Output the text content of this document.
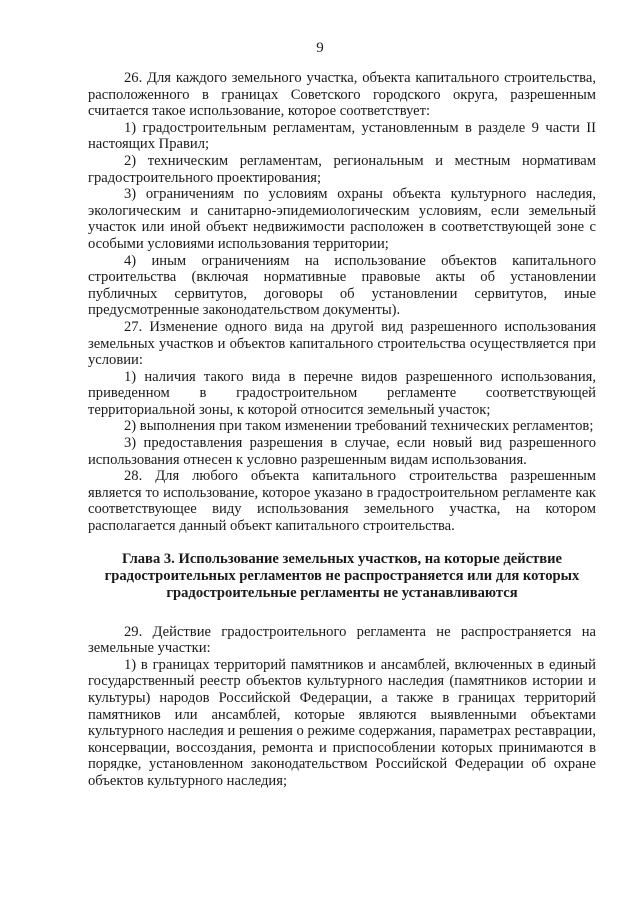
9

26. Для каждого земельного участка, объекта капитального строительства, расположенного в границах Советского городского округа, разрешенным считается такое использование, которое соответствует:

1) градостроительным регламентам, установленным в разделе 9 части II настоящих Правил;

2) техническим регламентам, региональным и местным нормативам градостроительного проектирования;

3) ограничениям по условиям охраны объекта культурного наследия, экологическим и санитарно-эпидемиологическим условиям, если земельный участок или иной объект недвижимости расположен в соответствующей зоне с особыми условиями использования территории;

4) иным ограничениям на использование объектов капитального строительства (включая нормативные правовые акты об установлении публичных сервитутов, договоры об установлении сервитутов, иные предусмотренные законодательством документы).

27. Изменение одного вида на другой вид разрешенного использования земельных участков и объектов капитального строительства осуществляется при условии:

1) наличия такого вида в перечне видов разрешенного использования, приведенном в градостроительном регламенте соответствующей территориальной зоны, к которой относится земельный участок;

2) выполнения при таком изменении требований технических регламентов;

3) предоставления разрешения в случае, если новый вид разрешенного использования отнесен к условно разрешенным видам использования.

28. Для любого объекта капитального строительства разрешенным является то использование, которое указано в градостроительном регламенте как соответствующее виду использования земельного участка, на котором располагается данный объект капитального строительства.

Глава 3. Использование земельных участков, на которые действие градостроительных регламентов не распространяется или для которых градостроительные регламенты не устанавливаются

29. Действие градостроительного регламента не распространяется на земельные участки:

1) в границах территорий памятников и ансамблей, включенных в единый государственный реестр объектов культурного наследия (памятников истории и культуры) народов Российской Федерации, а также в границах территорий памятников или ансамблей, которые являются выявленными объектами культурного наследия и решения о режиме содержания, параметрах реставрации, консервации, воссоздания, ремонта и приспособлении которых принимаются в порядке, установленном законодательством Российской Федерации об охране объектов культурного наследия;
